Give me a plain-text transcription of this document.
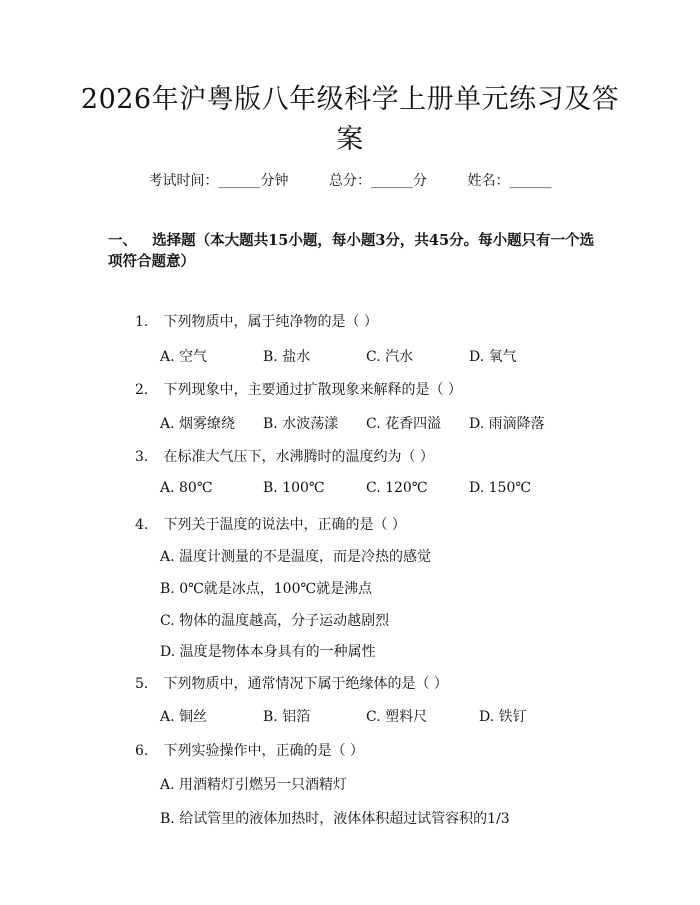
2026年沪粤版八年级科学上册单元练习及答案
考试时间：______分钟	总分：______分	姓名：______
一、 选择题（本大题共15小题，每小题3分，共45分。每小题只有一个选项符合题意）
1. 下列物质中，属于纯净物的是（ ）
A. 空气	B. 盐水	C. 汽水	D. 氧气
2. 下列现象中，主要通过扩散现象来解释的是（ ）
A. 烟雾缭绕 B. 水波荡漾 C. 花香四溢 D. 雨滴降落
3. 在标准大气压下，水沸腾时的温度约为（ ）
A. 80℃	B. 100℃	C. 120℃	D. 150℃
4. 下列关于温度的说法中，正确的是（ ）
A. 温度计测量的不是温度，而是冷热的感觉
B. 0℃就是冰点，100℃就是沸点
C. 物体的温度越高，分子运动越剧烈
D. 温度是物体本身具有的一种属性
5. 下列物质中，通常情况下属于绝缘体的是（ ）
A. 铜丝	B. 铝箔	C. 塑料尺	D. 铁钉
6. 下列实验操作中，正确的是（ ）
A. 用酒精灯引燃另一只酒精灯
B. 给试管里的液体加热时，液体体积超过试管容积的1/3
